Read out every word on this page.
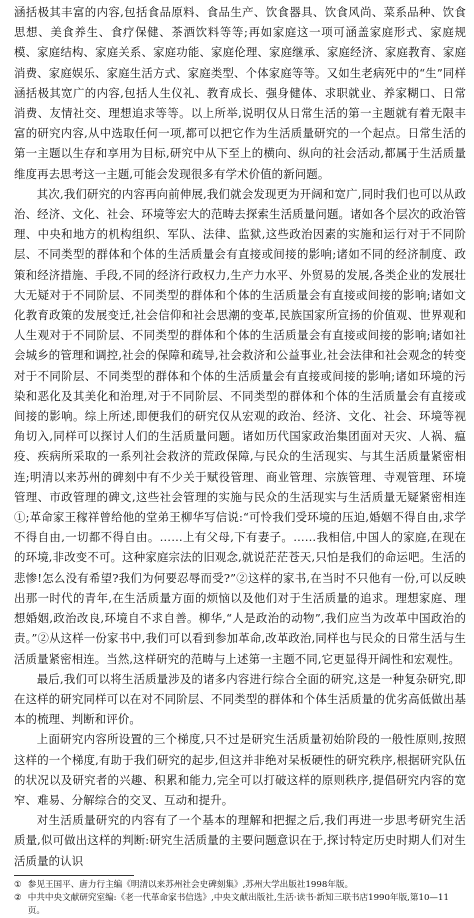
涵括极其丰富的内容,包括食品原料、食品生产、饮食器具、饮食风尚、菜系品种、饮食思想、美食养生、食疗保健、茶酒饮料等等;再如家庭这一项可涵盖家庭形式、家庭规模、家庭结构、家庭关系、家庭功能、家庭伦理、家庭继承、家庭经济、家庭教育、家庭消费、家庭娱乐、家庭生活方式、家庭类型、个体家庭等等。又如生老病死中的“生”同样涵括极其宽广的内容,包括人生仪礼、教育成长、强身健体、求职就业、养家糊口、日常消费、友情社交、理想追求等等。以上所举,说明仅从日常生活的第一主题就有着无限丰富的研究内容,从中选取任何一项,都可以把它作为生活质量研究的一个起点。日常生活的第一主题以生存和享用为目标,研究中从下至上的横向、纵向的社会活动,都属于生活质量维度再去思考这一主题,可能会发现很多有学术价值的新问题。

其次,我们研究的内容再向前伸展,我们就会发现更为开阔和宽广,同时我们也可以从政治、经济、文化、社会、环境等宏大的范畴去探索生活质量问题。诸如各个层次的政治管理、中央和地方的机构组织、军队、法律、监狱,这些政治因素的实施和运行对于不同阶层、不同类型的群体和个体的生活质量会有直接或间接的影响;诸如不同的经济制度、政策和经济措施、手段,不同的经济行政权力,生产力水平、外贸易的发展,各类企业的发展壮大无疑对于不同阶层、不同类型的群体和个体的生活质量会有直接或间接的影响;诸如文化教育政策的发展变迁,社会信仰和社会思潮的变革,民族国家所宣扬的价值观、世界观和人生观对于不同阶层、不同类型的群体和个体的生活质量会有直接或间接的影响;诸如社会城乡的管理和调控,社会的保障和疏导,社会救济和公益事业,社会法律和社会观念的转变对于不同阶层、不同类型的群体和个体的生活质量会有直接或间接的影响;诸如环境的污染和恶化及其美化和治理,对于不同阶层、不同类型的群体和个体的生活质量会有直接或间接的影响。综上所述,即便我们的研究仅从宏观的政治、经济、文化、社会、环境等视角切入,同样可以探讨人们的生活质量问题。诸如历代国家政治集团面对天灾、人祸、瘟疫、疾病所采取的一系列社会救济的荒政保障,与民众的生活现实、与其生活质量紧密相连;明清以来苏州的碑刻中有不少关于赋役管理、商业管理、宗族管理、寺观管理、环境管理、市政管理的碑文,这些社会管理的实施与民众的生活现实与生活质量无疑紧密相连①;革命家王稼祥曾给他的堂弟王柳华写信说:“可怜我们受环境的压迫,婚姻不得自由,求学不得自由,一切都不得自由。……上有父母,下有妻子。……我相信,中国人的家庭,在现在的环境,非改变不可。这种家庭宗法的旧观念,就说茫茫苍天,只怕是我们的命运吧。生活的悲惨!怎么没有希望?我们为何要忍辱而受?”②这样的家书,在当时不只他有一份,可以反映出那一时代的青年,在生活质量方面的烦恼以及他们对于生活质量的追求。理想家庭、理想婚姻,政治改良,环境自不求自善。柳华,“人是政治的动物”,我们应当为改革中国政治的责。”②从这样一份家书中,我们可以看到参加革命,改革政治,同样也与民众的日常生活与生活质量紧密相连。当然,这样研究的范畴与上述第一主题不同,它更显得开阔性和宏观性。

最后,我们可以将生活质量涉及的诸多内容进行综合全面的研究,这是一种复杂研究,即在这样的研究同样可以在对不同阶层、不同类型的群体和个体生活质量的优劣高低做出基本的梳理、判断和评价。

上面研究内容所设置的三个梯度,只不过是研究生活质量初始阶段的一般性原则,按照这样的一个梯度,有助于我们研究的起步,但这并非绝对呆板硬性的研究秩序,根据研究队伍的状况以及研究者的兴趣、积累和能力,完全可以打破这样的原则秩序,提倡研究内容的宽窄、难易、分解综合的交叉、互动和提升。

对生活质量研究的内容有了一个基本的理解和把握之后,我们再进一步思考研究生活质量,似可做出这样的判断:研究生活质量的主要问题意识在于,探讨特定历史时期人们对生活质量的认识

① 参见王国平、唐力行主编《明清以来苏州社会史碑刻集》,苏州大学出版社1998年版。
② 中共中央文献研究室编:《老一代革命家书信选》,中央文献出版社,生活·读书·新知三联书店1990年版,第10—11页。
